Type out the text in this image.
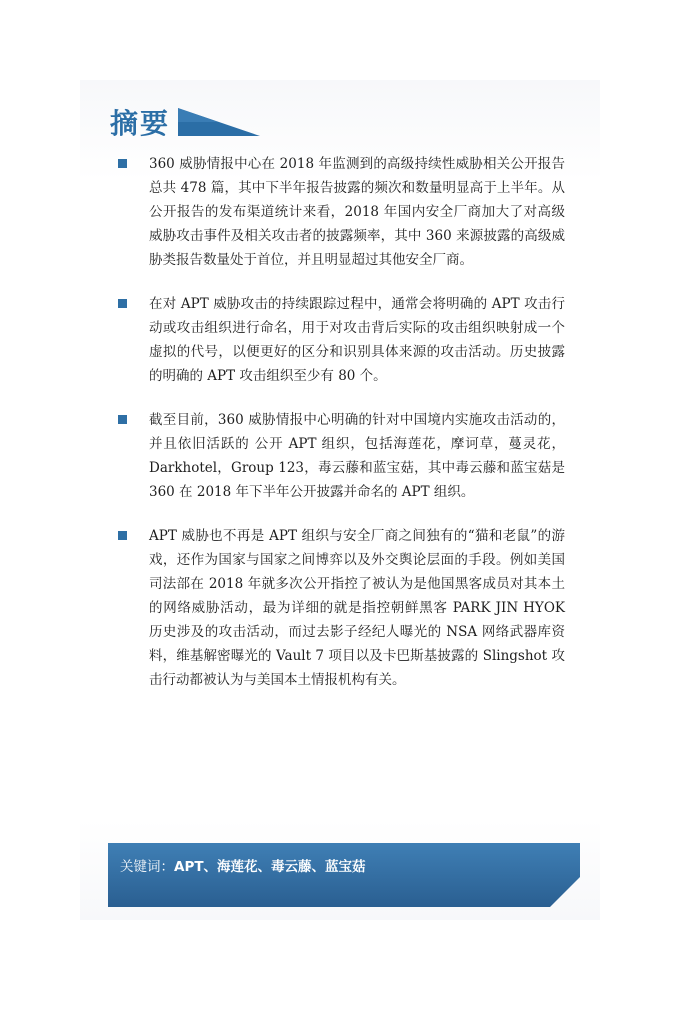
摘要
360 威胁情报中心在 2018 年监测到的高级持续性威胁相关公开报告总共 478 篇，其中下半年报告披露的频次和数量明显高于上半年。从公开报告的发布渠道统计来看，2018 年国内安全厂商加大了对高级威胁攻击事件及相关攻击者的披露频率，其中 360 来源披露的高级威胁类报告数量处于首位，并且明显超过其他安全厂商。
在对 APT 威胁攻击的持续跟踪过程中，通常会将明确的 APT 攻击行动或攻击组织进行命名，用于对攻击背后实际的攻击组织映射成一个虚拟的代号，以便更好的区分和识别具体来源的攻击活动。历史披露的明确的 APT 攻击组织至少有 80 个。
截至目前，360 威胁情报中心明确的针对中国境内实施攻击活动的，并且依旧活跃的 公开 APT 组织，包括海莲花，摩诃草，蔓灵花，Darkhotel，Group 123，毒云藤和蓝宝菇，其中毒云藤和蓝宝菇是 360 在 2018 年下半年公开披露并命名的 APT 组织。
APT 威胁也不再是 APT 组织与安全厂商之间独有的“猫和老鼠”的游戏，还作为国家与国家之间博弈以及外交舆论层面的手段。例如美国司法部在 2018 年就多次公开指控了被认为是他国黑客成员对其本土的网络威胁活动，最为详细的就是指控朝鲜黑客 PARK JIN HYOK 历史涉及的攻击活动，而过去影子经纪人曝光的 NSA 网络武器库资料，维基解密曝光的 Vault 7 项目以及卡巴斯基披露的 Slingshot 攻击行动都被认为与美国本土情报机构有关。
关键词：APT、海莲花、毒云藤、蓝宝菇
